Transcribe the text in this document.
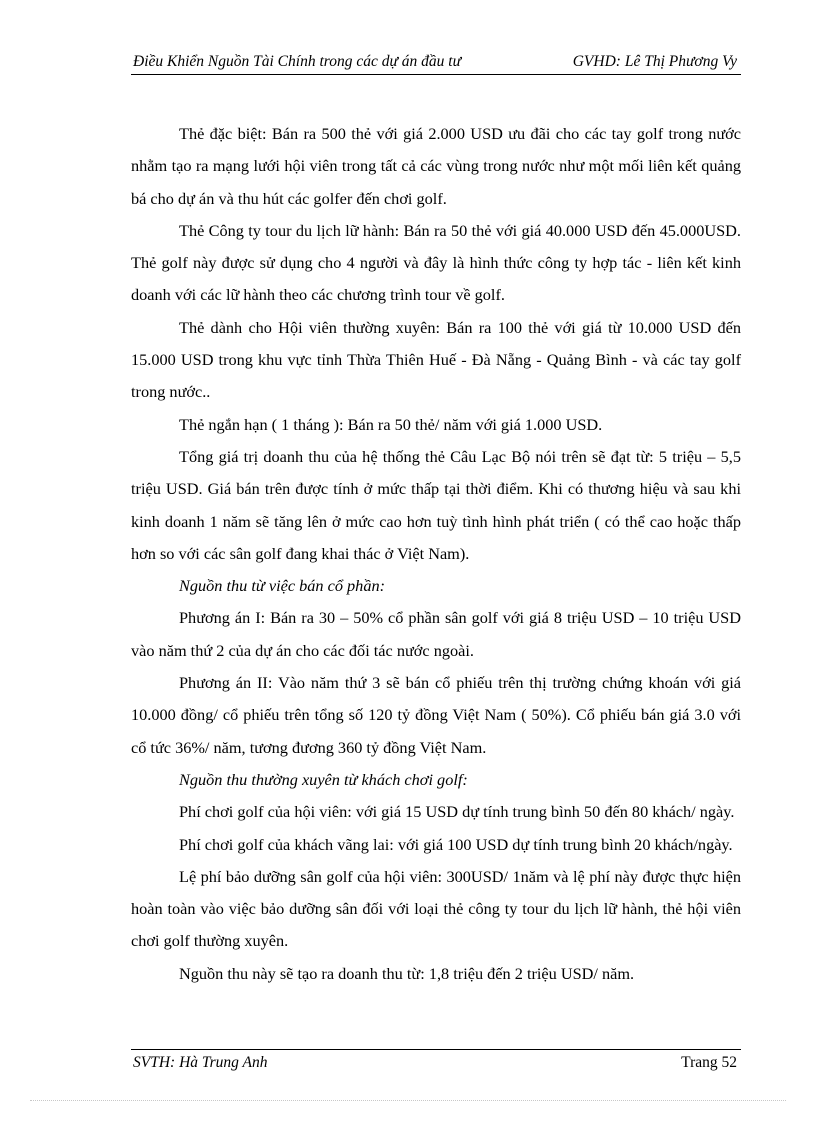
Điều Khiển Nguồn Tài Chính trong các dự án đầu tư	GVHD: Lê Thị Phương Vy

Thẻ đặc biệt: Bán ra 500 thẻ với giá 2.000 USD ưu đãi cho các tay golf trong nước nhằm tạo ra mạng lưới hội viên trong tất cả các vùng trong nước như một mối liên kết quảng bá cho dự án và thu hút các golfer đến chơi golf.

Thẻ Công ty tour du lịch lữ hành: Bán ra 50 thẻ với giá 40.000 USD đến 45.000USD. Thẻ golf này được sử dụng cho 4 người và đây là hình thức công ty hợp tác - liên kết kinh doanh với các lữ hành theo các chương trình tour về golf.

Thẻ dành cho Hội viên thường xuyên: Bán ra 100 thẻ với giá từ 10.000 USD đến 15.000 USD trong khu vực tỉnh Thừa Thiên Huế - Đà Nẵng - Quảng Bình - và các tay golf trong nước..

Thẻ ngắn hạn ( 1 tháng ): Bán ra 50 thẻ/ năm với giá 1.000 USD.

Tổng giá trị doanh thu của hệ thống thẻ Câu Lạc Bộ nói trên sẽ đạt từ: 5 triệu – 5,5 triệu USD. Giá bán trên được tính ở mức thấp tại thời điểm. Khi có thương hiệu và sau khi kinh doanh 1 năm sẽ tăng lên ở mức cao hơn tuỳ tình hình phát triển ( có thể cao hoặc thấp hơn so với các sân golf đang khai thác ở Việt Nam).

Nguồn thu từ việc bán cổ phần:

Phương án I: Bán ra 30 – 50% cổ phần sân golf với giá 8 triệu USD – 10 triệu USD vào năm thứ 2 của dự án cho các đối tác nước ngoài.

Phương án II: Vào năm thứ 3 sẽ bán cổ phiếu trên thị trường chứng khoán với giá 10.000 đồng/ cổ phiếu trên tổng số 120 tỷ đồng Việt Nam ( 50%). Cổ phiếu bán giá 3.0 với cổ tức 36%/ năm, tương đương 360 tỷ đồng Việt Nam.

Nguồn thu thường xuyên từ khách chơi golf:

Phí chơi golf của hội viên: với giá 15 USD dự tính trung bình 50 đến 80 khách/ ngày.

Phí chơi golf của khách vãng lai: với giá 100 USD dự tính trung bình 20 khách/ngày.

Lệ phí bảo dưỡng sân golf của hội viên: 300USD/ 1năm và lệ phí này được thực hiện hoàn toàn vào việc bảo dưỡng sân đối với loại thẻ công ty tour du lịch lữ hành, thẻ hội viên chơi golf thường xuyên.

Nguồn thu này sẽ tạo ra doanh thu từ: 1,8 triệu đến 2 triệu USD/ năm.

SVTH: Hà Trung Anh	Trang 52
